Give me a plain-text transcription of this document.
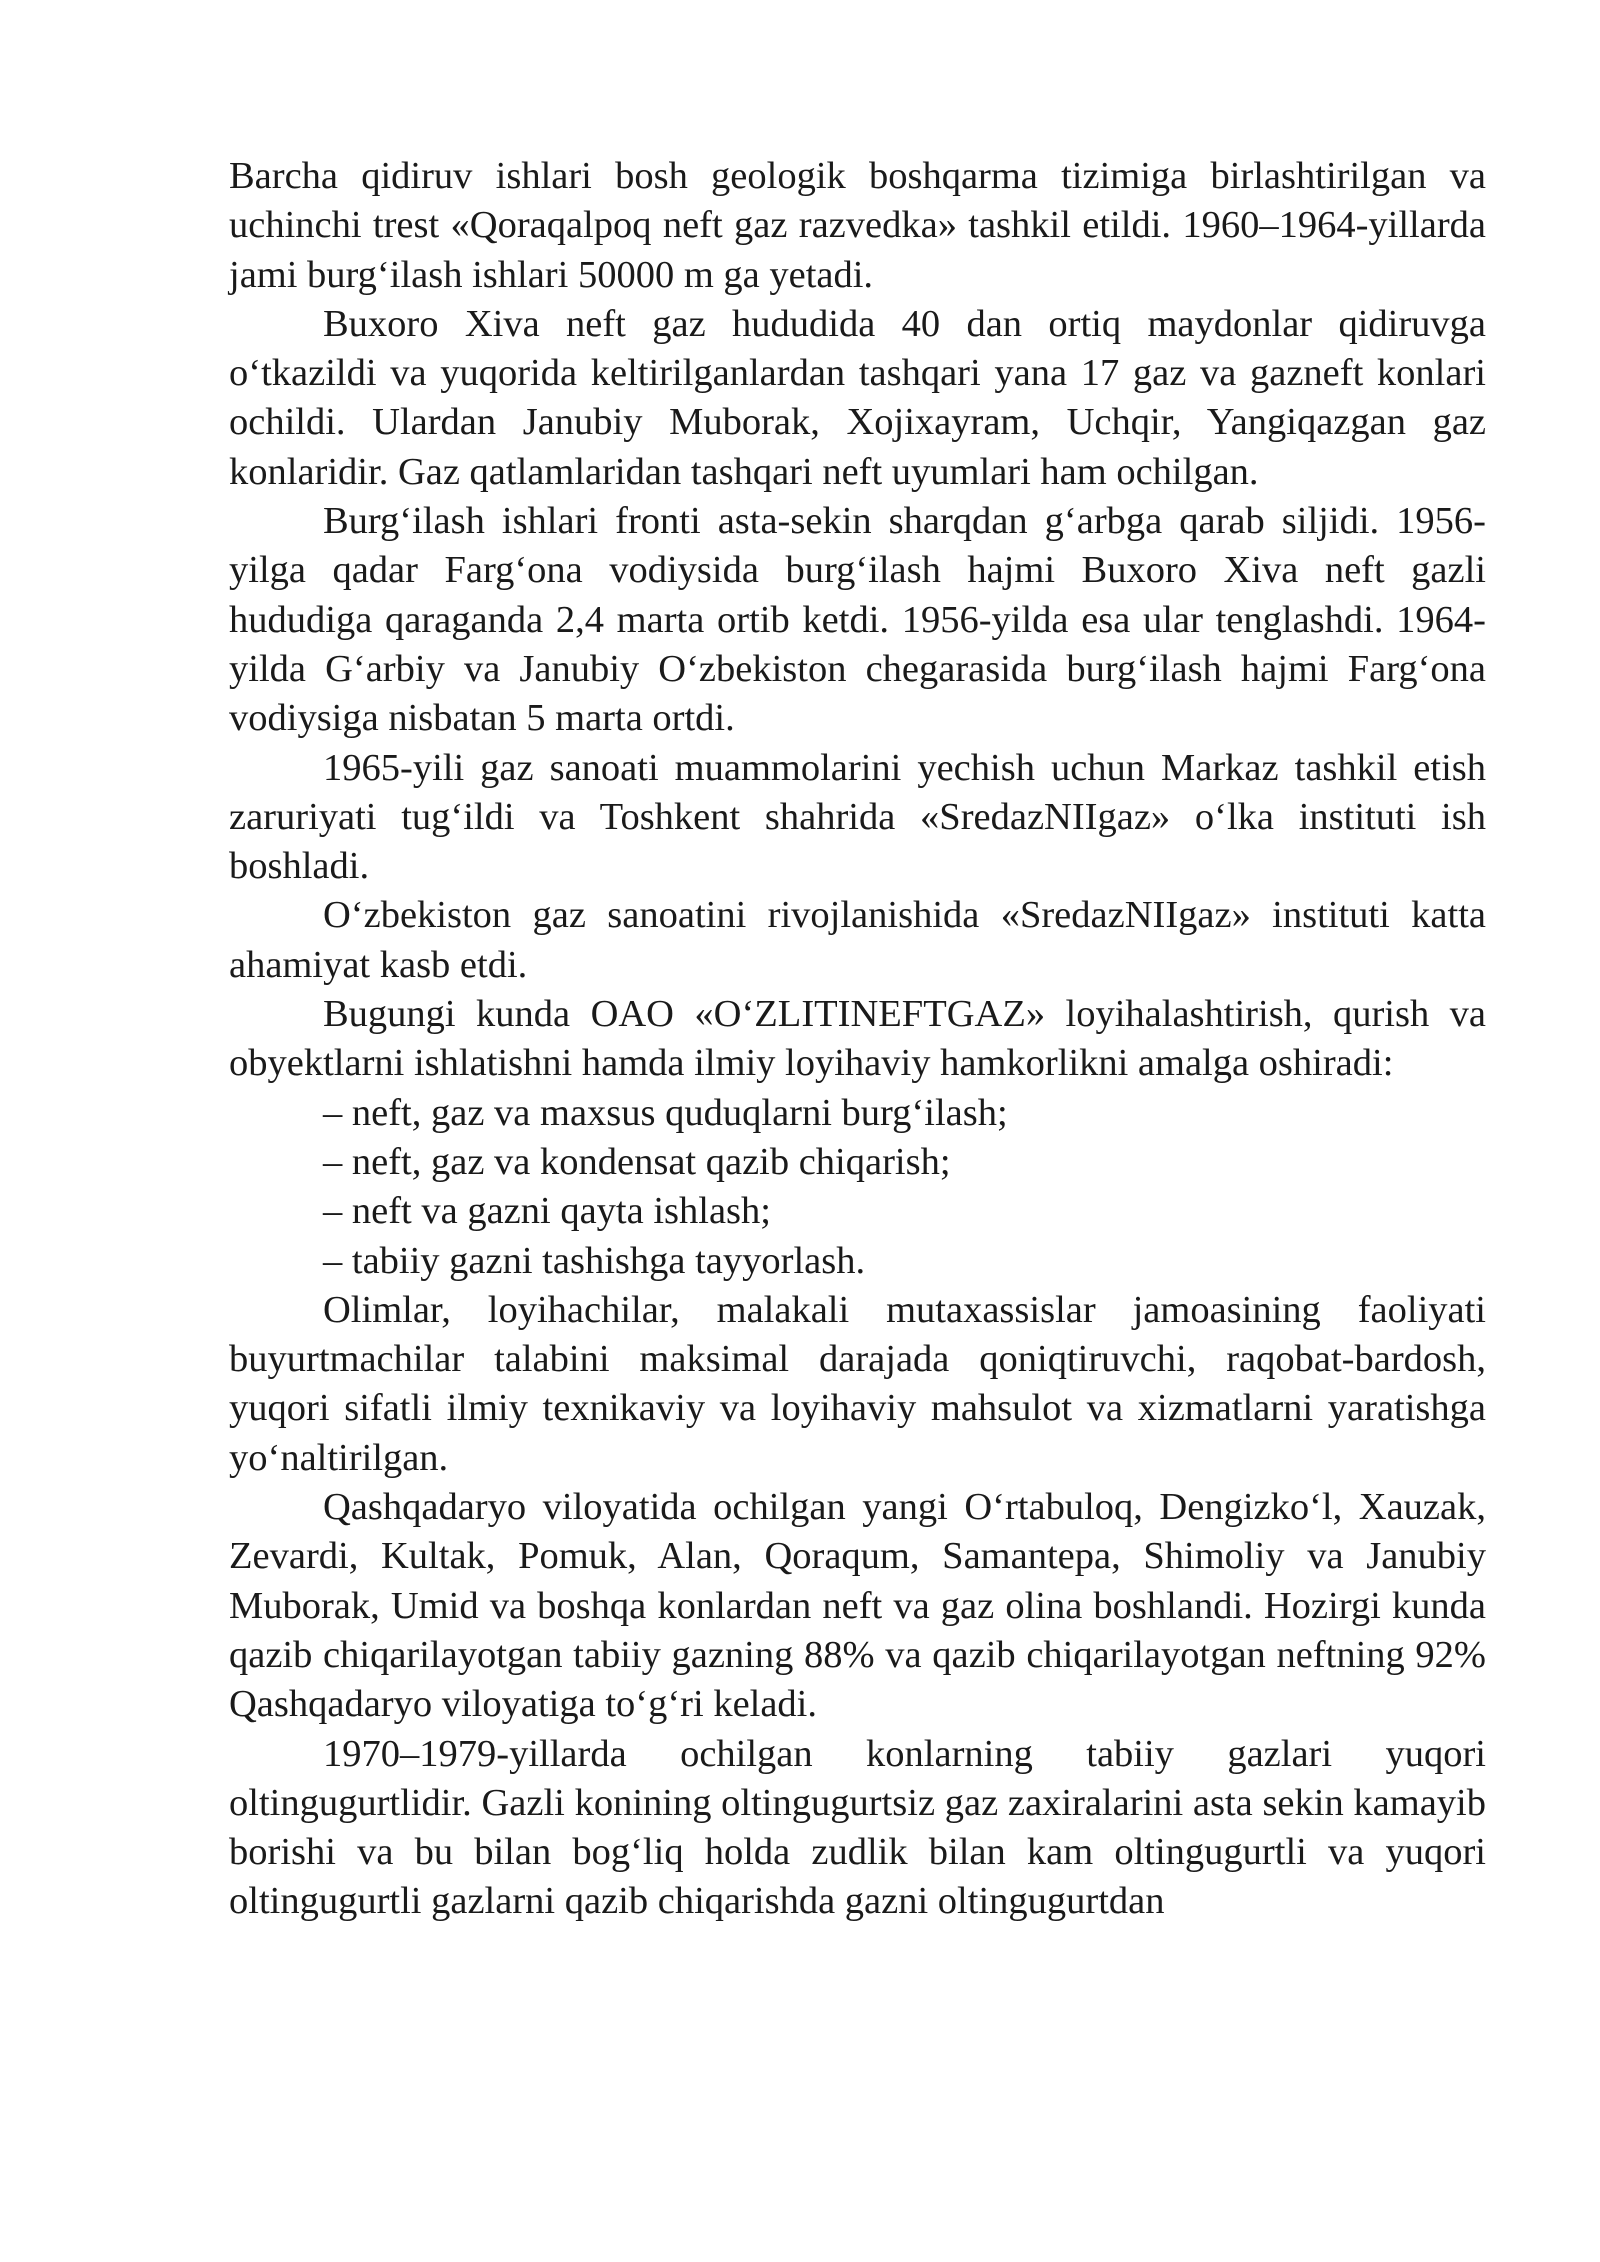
Barcha qidiruv ishlari bosh geologik boshqarma tizimiga birlashtirilgan va uchinchi trest «Qoraqalpoq neft gaz razvedka» tashkil etildi. 1960–1964-yillarda jami burg‘ilash ishlari 50000 m ga yetadi.

Buxoro Xiva neft gaz hududida 40 dan ortiq maydonlar qidiruvga o‘tkazildi va yuqorida keltirilganlardan tashqari yana 17 gaz va gazneft konlari ochildi. Ulardan Janubiy Muborak, Xojixayram, Uchqir, Yangiqazgan gaz konlaridir. Gaz qatlamlaridan tashqari neft uyumlari ham ochilgan.

Burg‘ilash ishlari fronti asta-sekin sharqdan g‘arbga qarab siljidi. 1956-yilga qadar Farg‘ona vodiysida burg‘ilash hajmi Buxoro Xiva neft gazli hududiga qaraganda 2,4 marta ortib ketdi. 1956-yilda esa ular tenglashdi. 1964-yilda G‘arbiy va Janubiy O‘zbekiston chegarasida burg‘ilash hajmi Farg‘ona vodiysiga nisbatan 5 marta ortdi.

1965-yili gaz sanoati muammolarini yechish uchun Markaz tashkil etish zaruriyati tug‘ildi va Toshkent shahrida «SredazNIIgaz» o‘lka instituti ish boshladi.

O‘zbekiston gaz sanoatini rivojlanishida «SredazNIIgaz» instituti katta ahamiyat kasb etdi.

Bugungi kunda OAO «O‘ZLITINEFTGAZ» loyihalashtirish, qurish va obyektlarni ishlatishni hamda ilmiy loyihaviy hamkorlikni amalga oshiradi:

– neft, gaz va maxsus quduqlarni burg‘ilash;
– neft, gaz va kondensat qazib chiqarish;
– neft va gazni qayta ishlash;
– tabiiy gazni tashishga tayyorlash.

Olimlar, loyihachilar, malakali mutaxassislar jamoasining faoliyati buyurtmachilar talabini maksimal darajada qoniqtiruvchi, raqobat-bardosh, yuqori sifatli ilmiy texnikaviy va loyihaviy mahsulot va xizmatlarni yaratishga yo‘naltirilgan.

Qashqadaryo viloyatida ochilgan yangi O‘rtabuloq, Dengizko‘l, Xauzak, Zevardi, Kultak, Pomuk, Alan, Qoraqum, Samantepa, Shimoliy va Janubiy Muborak, Umid va boshqa konlardan neft va gaz olina boshlandi. Hozirgi kunda qazib chiqarilayotgan tabiiy gazning 88% va qazib chiqarilayotgan neftning 92% Qashqadaryo viloyatiga to‘g‘ri keladi.

1970–1979-yillarda ochilgan konlarning tabiiy gazlari yuqori oltingugurtlidir. Gazli konining oltingugurtsiz gaz zaxiralarini asta sekin kamayib borishi va bu bilan bog‘liq holda zudlik bilan kam oltingugurtli va yuqori oltingugurtli gazlarni qazib chiqarishda gazni oltingugurtdan
